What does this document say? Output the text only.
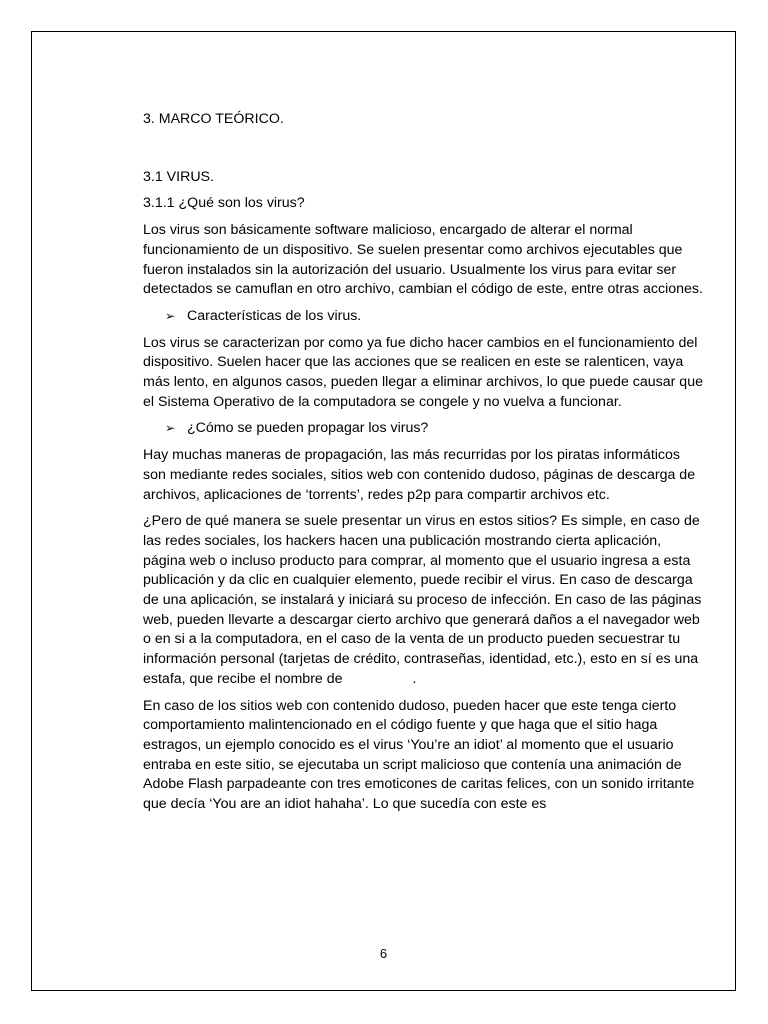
3. MARCO TEÓRICO.
3.1 VIRUS.
3.1.1 ¿Qué son los virus?
Los virus son básicamente software malicioso, encargado de alterar el normal funcionamiento de un dispositivo. Se suelen presentar como archivos ejecutables que fueron instalados sin la autorización del usuario. Usualmente los virus para evitar ser detectados se camuflan en otro archivo, cambian el código de este, entre otras acciones.
➢ Características de los virus.
Los virus se caracterizan por como ya fue dicho hacer cambios en el funcionamiento del dispositivo. Suelen hacer que las acciones que se realicen en este se ralenticen, vaya más lento, en algunos casos, pueden llegar a eliminar archivos, lo que puede causar que el Sistema Operativo de la computadora se congele y no vuelva a funcionar.
➢ ¿Cómo se pueden propagar los virus?
Hay muchas maneras de propagación, las más recurridas por los piratas informáticos son mediante redes sociales, sitios web con contenido dudoso, páginas de descarga de archivos, aplicaciones de ‘torrents’, redes p2p para compartir archivos etc.
¿Pero de qué manera se suele presentar un virus en estos sitios? Es simple, en caso de las redes sociales, los hackers hacen una publicación mostrando cierta aplicación, página web o incluso producto para comprar, al momento que el usuario ingresa a esta publicación y da clic en cualquier elemento, puede recibir el virus. En caso de descarga de una aplicación, se instalará y iniciará su proceso de infección. En caso de las páginas web, pueden llevarte a descargar cierto archivo que generará daños a el navegador web o en si a la computadora, en el caso de la venta de un producto pueden secuestrar tu información personal (tarjetas de crédito, contraseñas, identidad, etc.), esto en sí es una estafa, que recibe el nombre de	.
En caso de los sitios web con contenido dudoso, pueden hacer que este tenga cierto comportamiento malintencionado en el código fuente y que haga que el sitio haga estragos, un ejemplo conocido es el virus ‘You’re an idiot’ al momento que el usuario entraba en este sitio, se ejecutaba un script malicioso que contenía una animación de Adobe Flash parpadeante con tres emoticones de caritas felices, con un sonido irritante que decía ‘You are an idiot hahaha’. Lo que sucedía con este es
6
